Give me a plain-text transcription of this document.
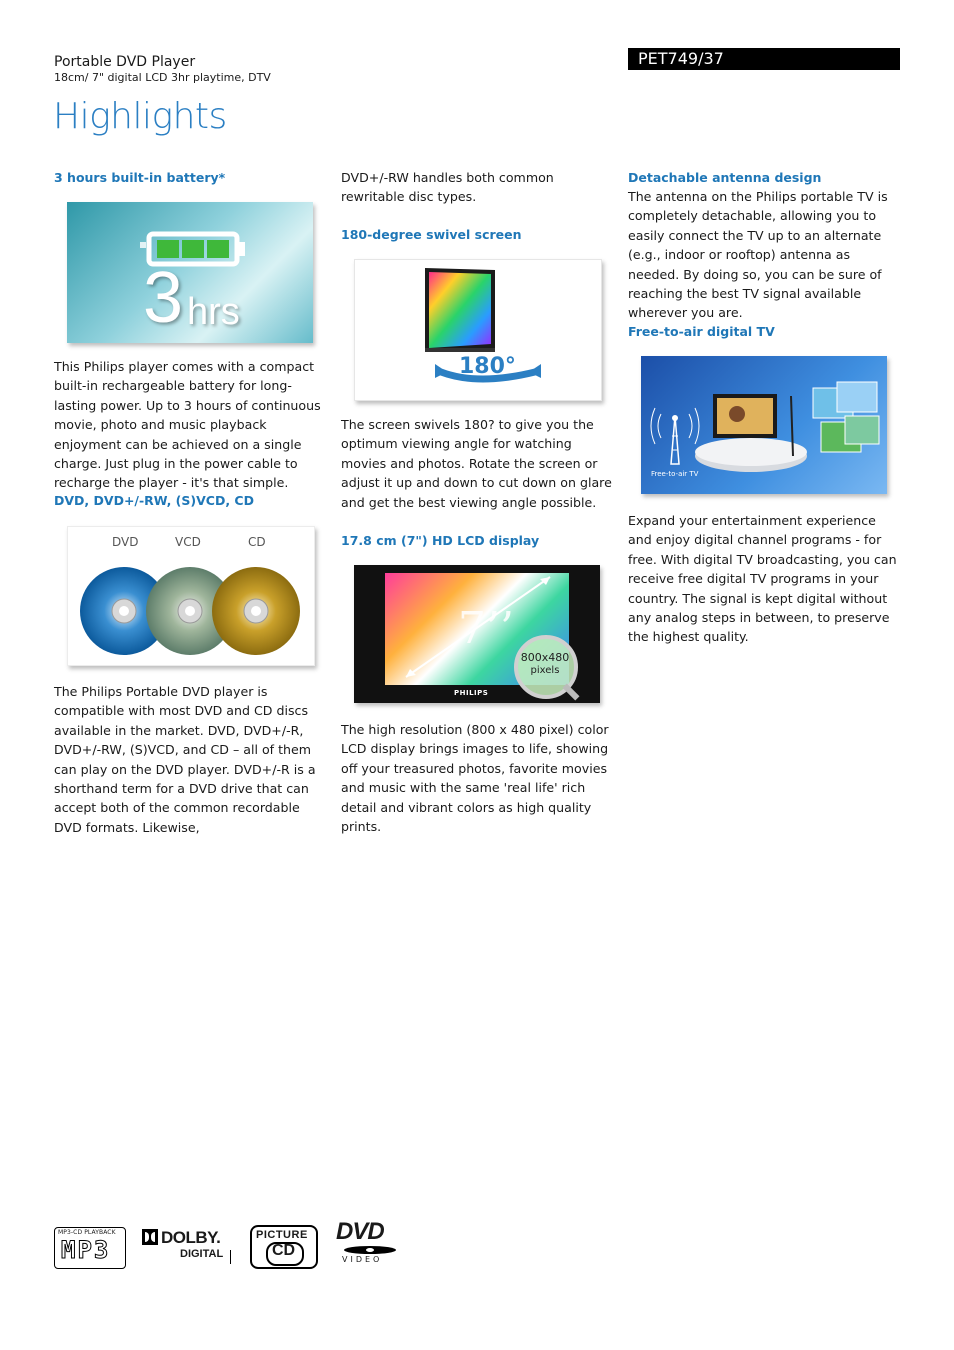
Portable DVD Player
18cm/ 7" digital LCD 3hr playtime, DTV
PET749/37
Highlights
3 hours built-in battery*
3 hrs

This Philips player comes with a compact built-in rechargeable battery for long-lasting power. Up to 3 hours of continuous movie, photo and music playback enjoyment can be achieved on a single charge. Just plug in the power cable to recharge the player - it's that simple.

DVD, DVD+/-RW, (S)VCD, CD
DVD	VCD	CD

The Philips Portable DVD player is compatible with most DVD and CD discs available in the market. DVD, DVD+/-R, DVD+/-RW, (S)VCD, and CD – all of them can play on the DVD player. DVD+/-R is a shorthand term for a DVD drive that can accept both of the common recordable DVD formats. Likewise,

DVD+/-RW handles both common rewritable disc types.

180-degree swivel screen
180°

The screen swivels 180? to give you the optimum viewing angle for watching movies and photos. Rotate the screen or adjust it up and down to cut down on glare and get the best viewing angle possible.

17.8 cm (7") HD LCD display
7’’
800x480
pixels
PHILIPS

The high resolution (800 x 480 pixel) color LCD display brings images to life, showing off your treasured photos, favorite movies and music with the same 'real life' rich detail and vibrant colors as high quality prints.

Detachable antenna design

The antenna on the Philips portable TV is completely detachable, allowing you to easily connect the TV up to an alternate (e.g., indoor or rooftop) antenna as needed. By doing so, you can be sure of reaching the best TV signal available wherever you are.

Free-to-air digital TV
Free-to-air TV

Expand your entertainment experience and enjoy digital channel programs - for free. With digital TV broadcasting, you can receive free digital TV programs in your country. The signal is kept digital without any analog steps in between, to preserve the highest quality.

MP3-CD PLAYBACK
MP3	DOLBY.
DIGITAL
PICTURE
CD
DVD
VIDEO
